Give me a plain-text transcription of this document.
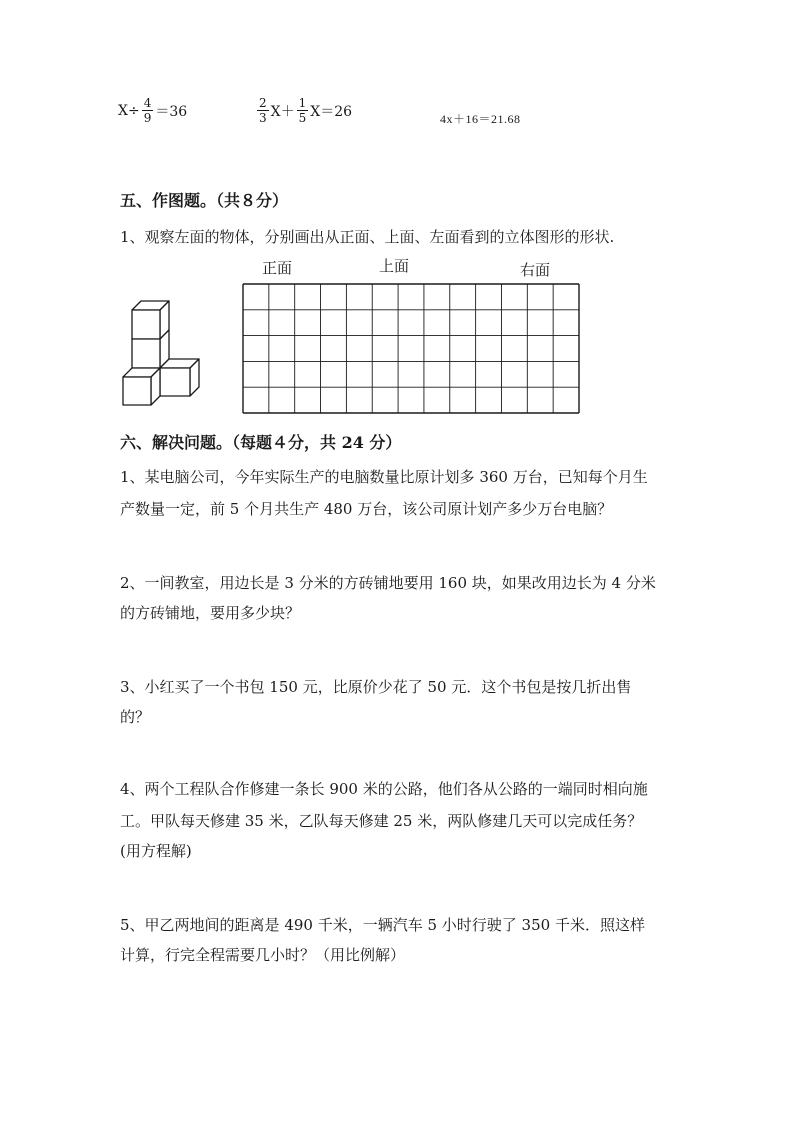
$X\div \frac{4}{9} =36$	$\frac{2}{3} X+ \frac{1}{5} X=26$	4x＋16＝21.68
五、作图题。（共８分）
1、观察左面的物体，分别画出从正面、上面、左面看到的立体图形的形状.
正面	上面	右面
六、解决问题。（每题４分，共 24 分）
1、某电脑公司，今年实际生产的电脑数量比原计划多 360 万台，已知每个月生
产数量一定，前 5 个月共生产 480 万台，该公司原计划产多少万台电脑？
2、一间教室，用边长是 3 分米的方砖铺地要用 160 块，如果改用边长为 4 分米
的方砖铺地，要用多少块？
3、小红买了一个书包 150 元，比原价少花了 50 元．这个书包是按几折出售
的？
4、两个工程队合作修建一条长 900 米的公路，他们各从公路的一端同时相向施
工。甲队每天修建 35 米，乙队每天修建 25 米，两队修建几天可以完成任务？
(用方程解)
5、甲乙两地间的距离是 490 千米，一辆汽车 5 小时行驶了 350 千米．照这样
计算，行完全程需要几小时？（用比例解）
